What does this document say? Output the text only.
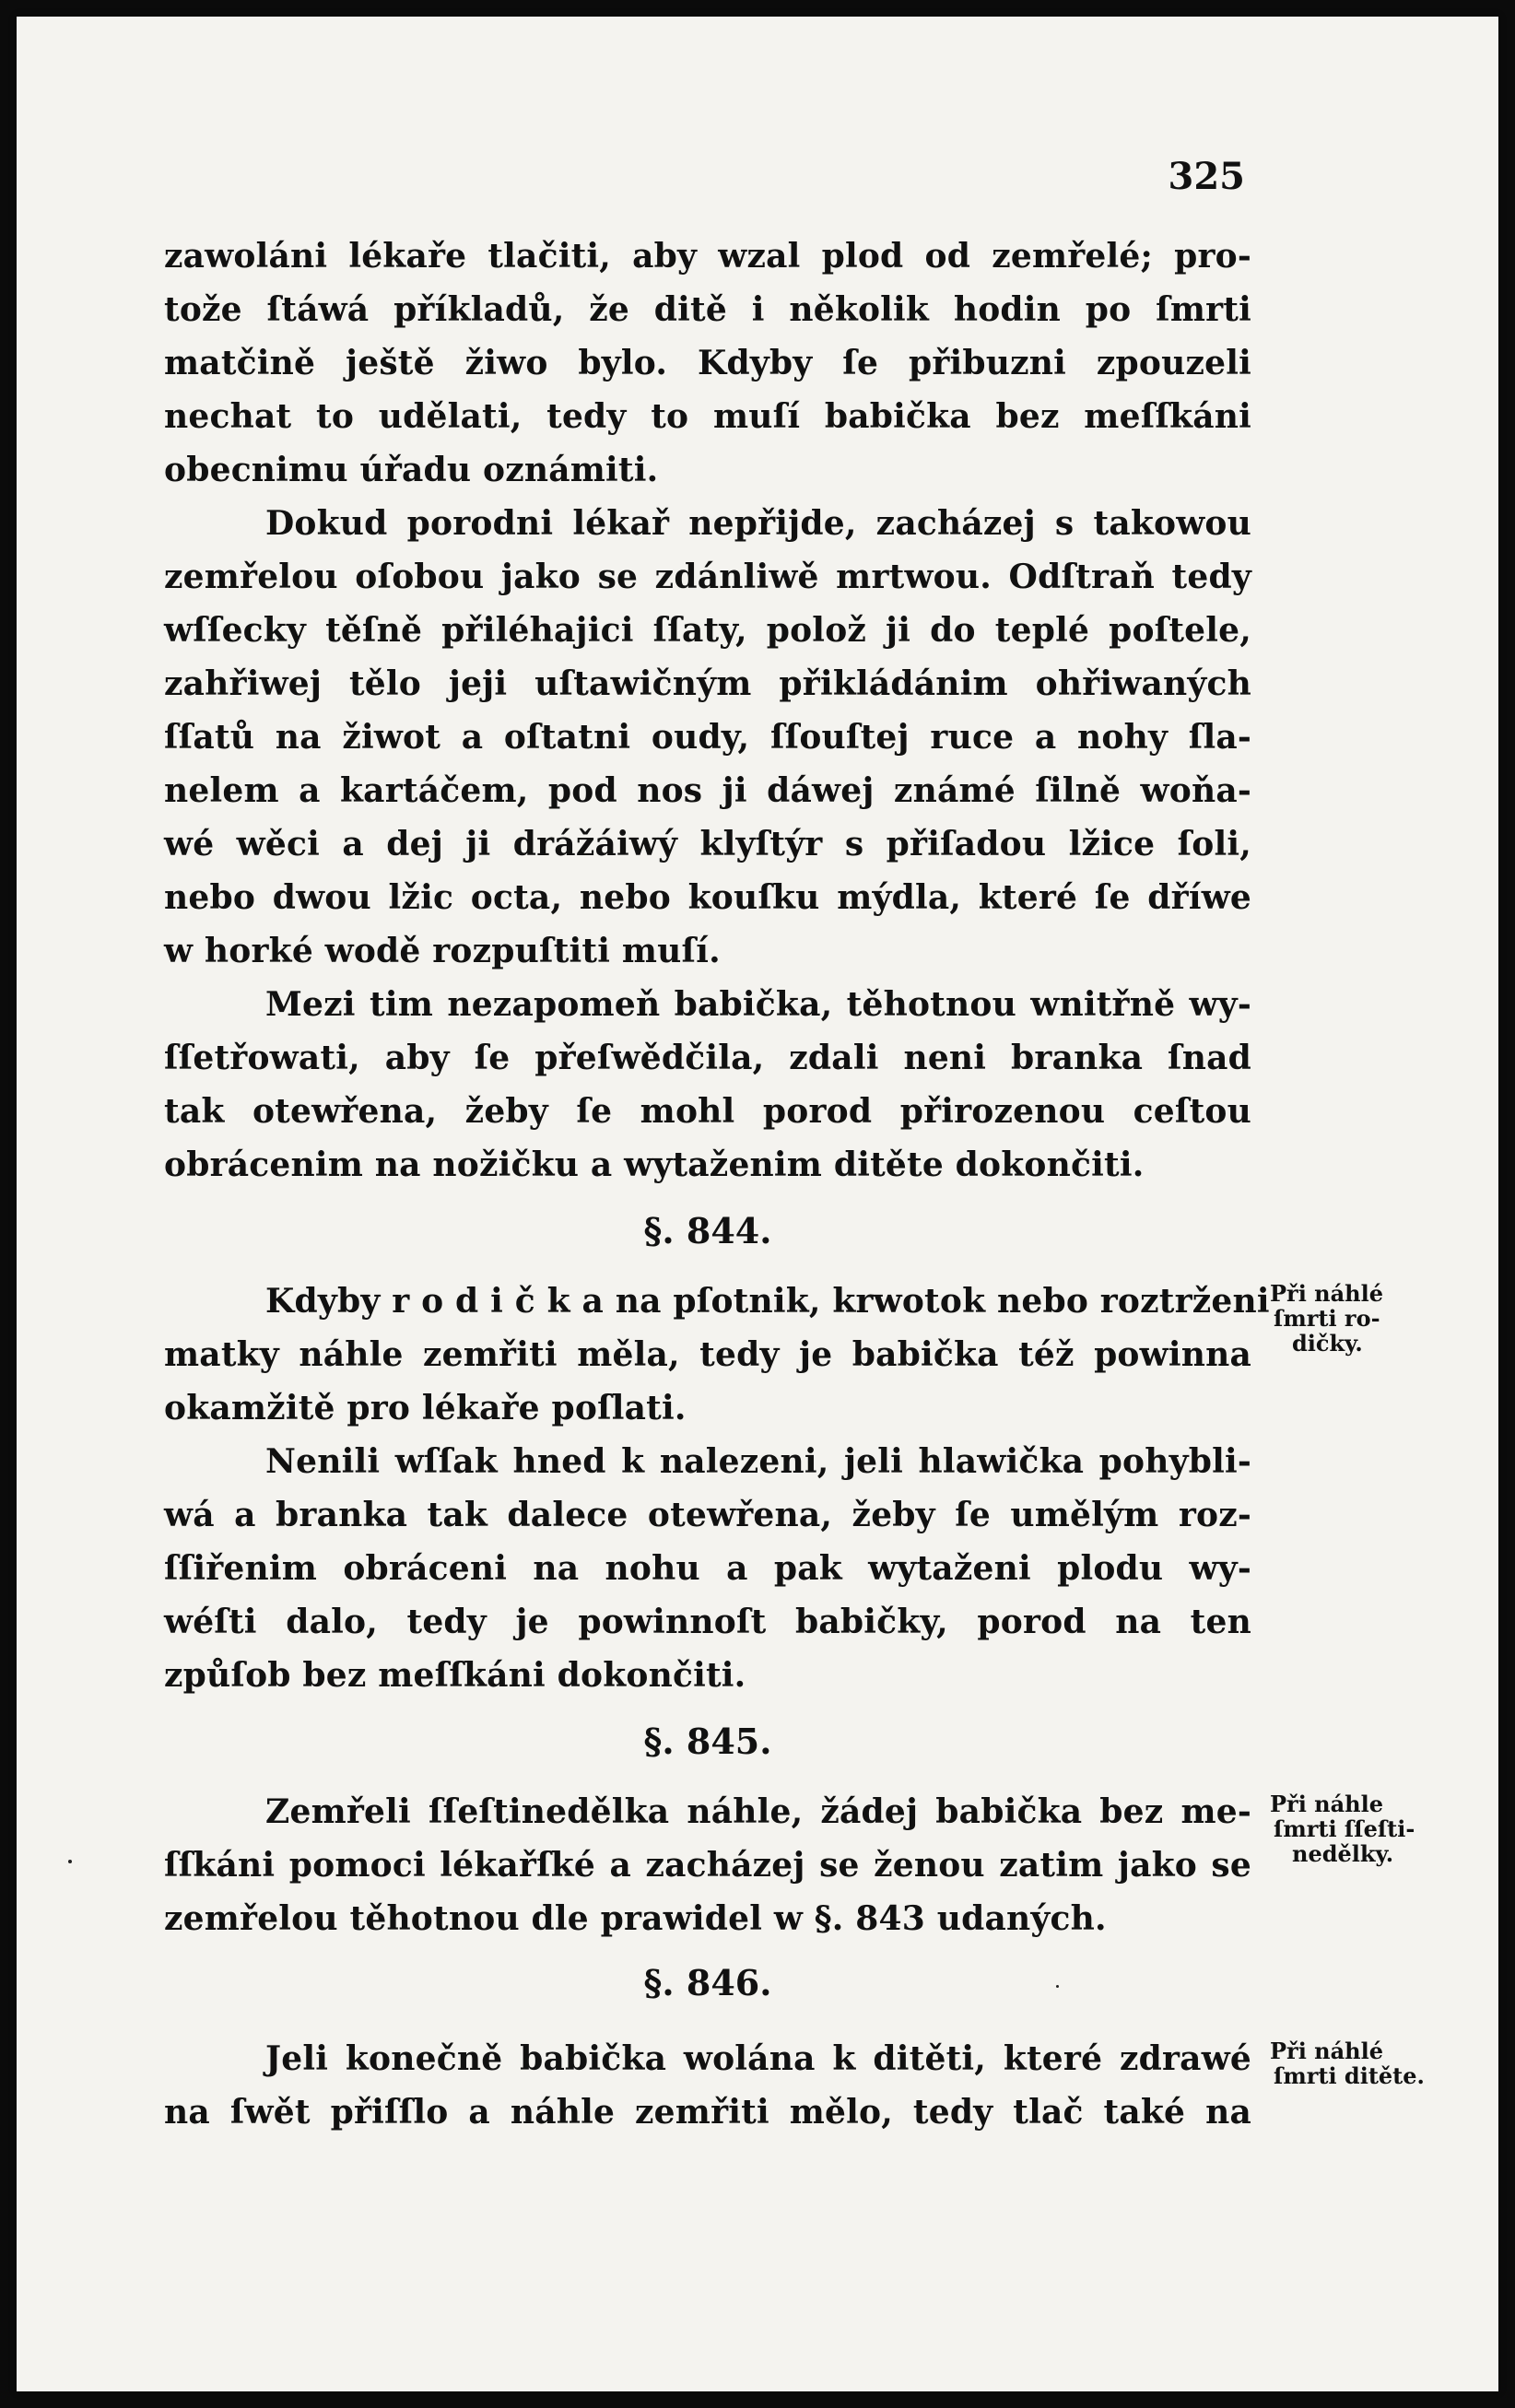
325
zawoláni lékaře tlačiti, aby wzal plod od zemřelé; pro-
tože ſtáwá příkladů, že ditě i několik hodin po ſmrti
matčině ještě žiwo bylo. Kdyby ſe přibuzni zpouzeli
nechat to udělati, tedy to muſí babička bez meſſkáni
obecnimu úřadu oznámiti.
Dokud porodni lékař nepřijde, zacházej s takowou
zemřelou oſobou jako se zdánliwě mrtwou. Odſtraň tedy
wſſecky těſně přiléhajici ſſaty, polož ji do teplé poſtele,
zahřiwej tělo jeji uſtawičným přikládánim ohřiwaných
ſſatů na žiwot a oſtatni oudy, ſſouſtej ruce a nohy ſla-
nelem a kartáčem, pod nos ji dáwej známé ſilně woňa-
wé wěci a dej ji drážáiwý klyſtýr s přiſadou lžice ſoli,
nebo dwou lžic octa, nebo kouſku mýdla, které ſe dříwe
w horké wodě rozpuſtiti muſí.
Mezi tim nezapomeň babička, těhotnou wnitřně wy-
ſſetřowati, aby ſe přeſwědčila, zdali neni branka ſnad
tak otewřena, žeby ſe mohl porod přirozenou ceſtou
obrácenim na nožičku a wytaženim ditěte dokončiti.
§. 844.
Kdyby r o d i č k a na pſotnik, krwotok nebo roztrženi
matky náhle zemřiti měla, tedy je babička též powinna
okamžitě pro lékaře poſlati.
Nenili wſſak hned k nalezeni, jeli hlawička pohybli-
wá a branka tak dalece otewřena, žeby ſe umělým roz-
ſſiřenim obráceni na nohu a pak wytaženi plodu wy-
wéſti dalo, tedy je powinnoſt babičky, porod na ten
způſob bez meſſkáni dokončiti.
§. 845.
Zemřeli ſſeſtinedělka náhle, žádej babička bez me-
ſſkáni pomoci lékařſké a zacházej se ženou zatim jako se
zemřelou těhotnou dle prawidel w §. 843 udaných.
§. 846.
Jeli konečně babička wolána k ditěti, které zdrawé
na ſwět přiſſlo a náhle zemřiti mělo, tedy tlač také na
Při náhlé
ſmrti ro-
dičky.
Při náhle
ſmrti ſſeſti-
nedělky.
Při náhlé
ſmrti ditěte.
